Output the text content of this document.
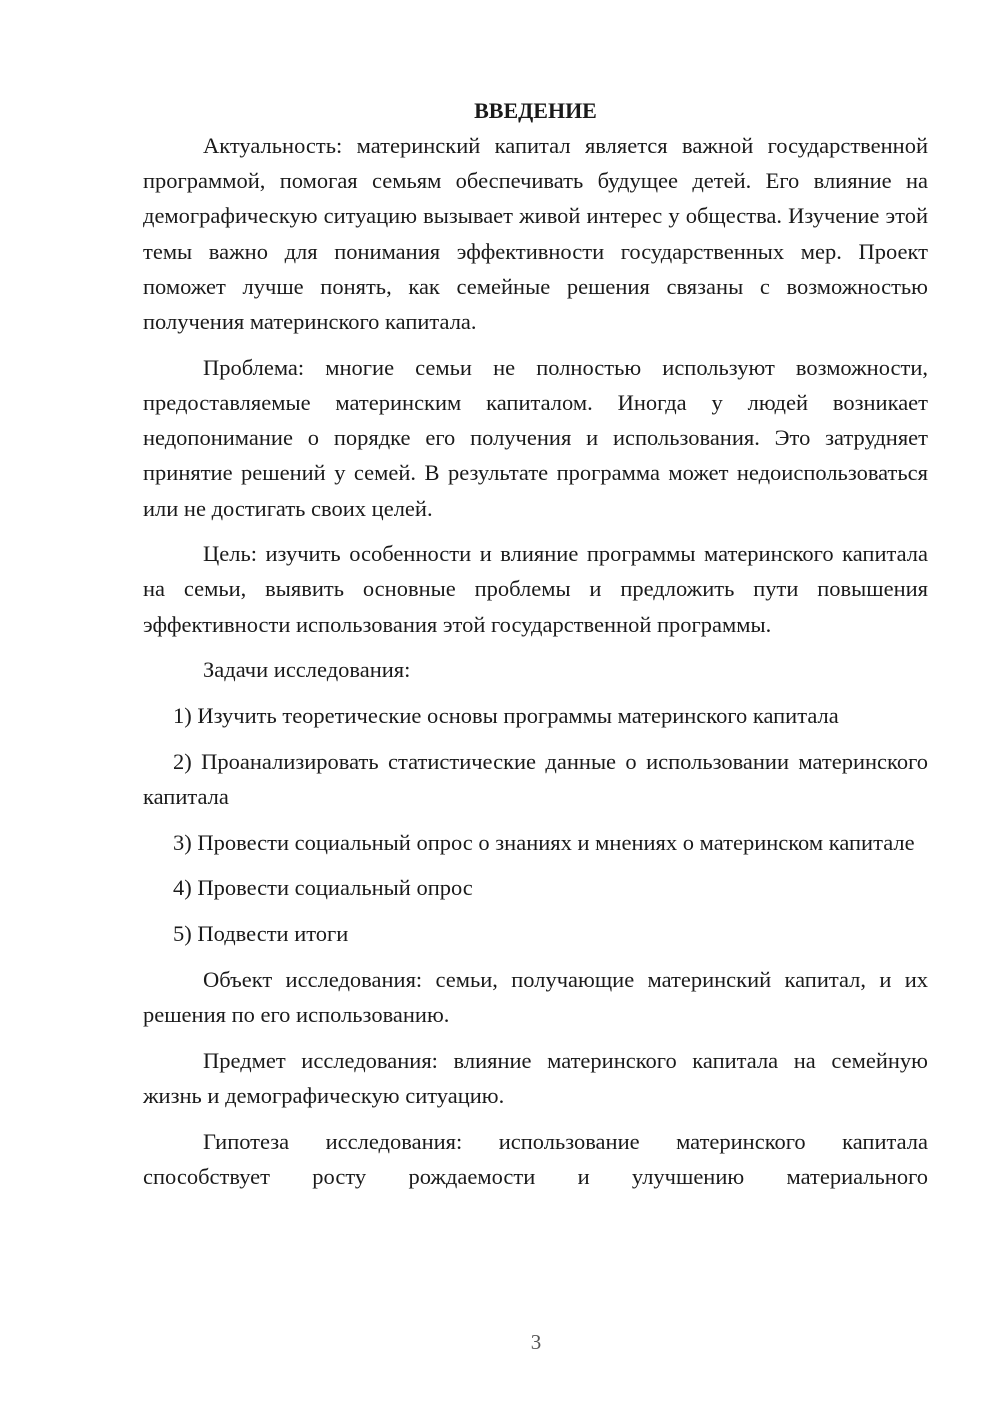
ВВЕДЕНИЕ

Актуальность: материнский капитал является важной государственной программой, помогая семьям обеспечивать будущее детей. Его влияние на демографическую ситуацию вызывает живой интерес у общества. Изучение этой темы важно для понимания эффективности государственных мер. Проект поможет лучше понять, как семейные решения связаны с возможностью получения материнского капитала.

Проблема: многие семьи не полностью используют возможности, предоставляемые материнским капиталом. Иногда у людей возникает недопонимание о порядке его получения и использования. Это затрудняет принятие решений у семей. В результате программа может недоиспользоваться или не достигать своих целей.

Цель: изучить особенности и влияние программы материнского капитала на семьи, выявить основные проблемы и предложить пути повышения эффективности использования этой государственной программы.

Задачи исследования:

1) Изучить теоретические основы программы материнского капитала

2) Проанализировать статистические данные о использовании материнского капитала

3) Провести социальный опрос о знаниях и мнениях о материнском капитале

4) Провести социальный опрос

5) Подвести итоги

Объект исследования: семьи, получающие материнский капитал, и их решения по его использованию.

Предмет исследования: влияние материнского капитала на семейную жизнь и демографическую ситуацию.

Гипотеза исследования: использование материнского капитала способствует росту рождаемости и улучшению материального

3
